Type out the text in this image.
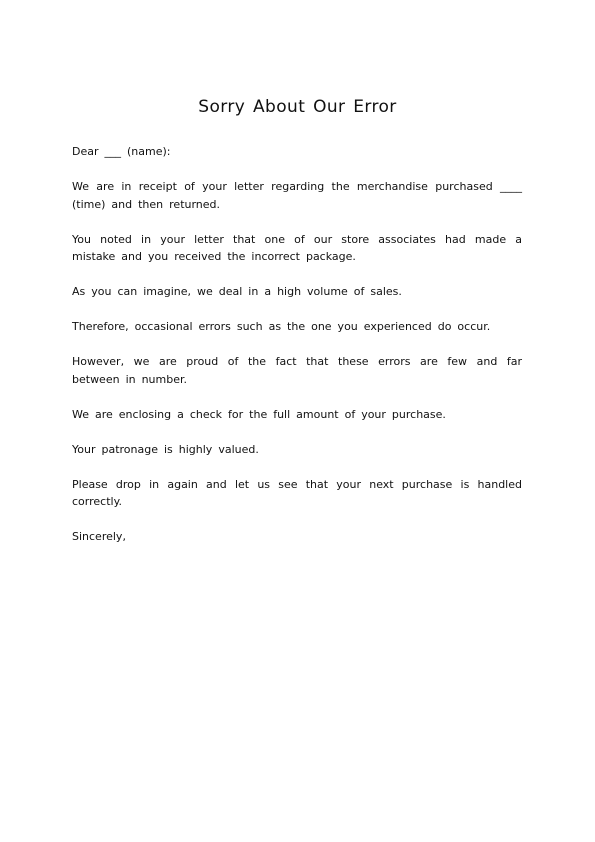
Sorry About Our Error

Dear ___ (name):

We are in receipt of your letter regarding the merchandise purchased ____ (time) and then returned.

You noted in your letter that one of our store associates had made a mistake and you received the incorrect package.

As you can imagine, we deal in a high volume of sales.

Therefore, occasional errors such as the one you experienced do occur.

However, we are proud of the fact that these errors are few and far between in number.

We are enclosing a check for the full amount of your purchase.

Your patronage is highly valued.

Please drop in again and let us see that your next purchase is handled correctly.

Sincerely,
